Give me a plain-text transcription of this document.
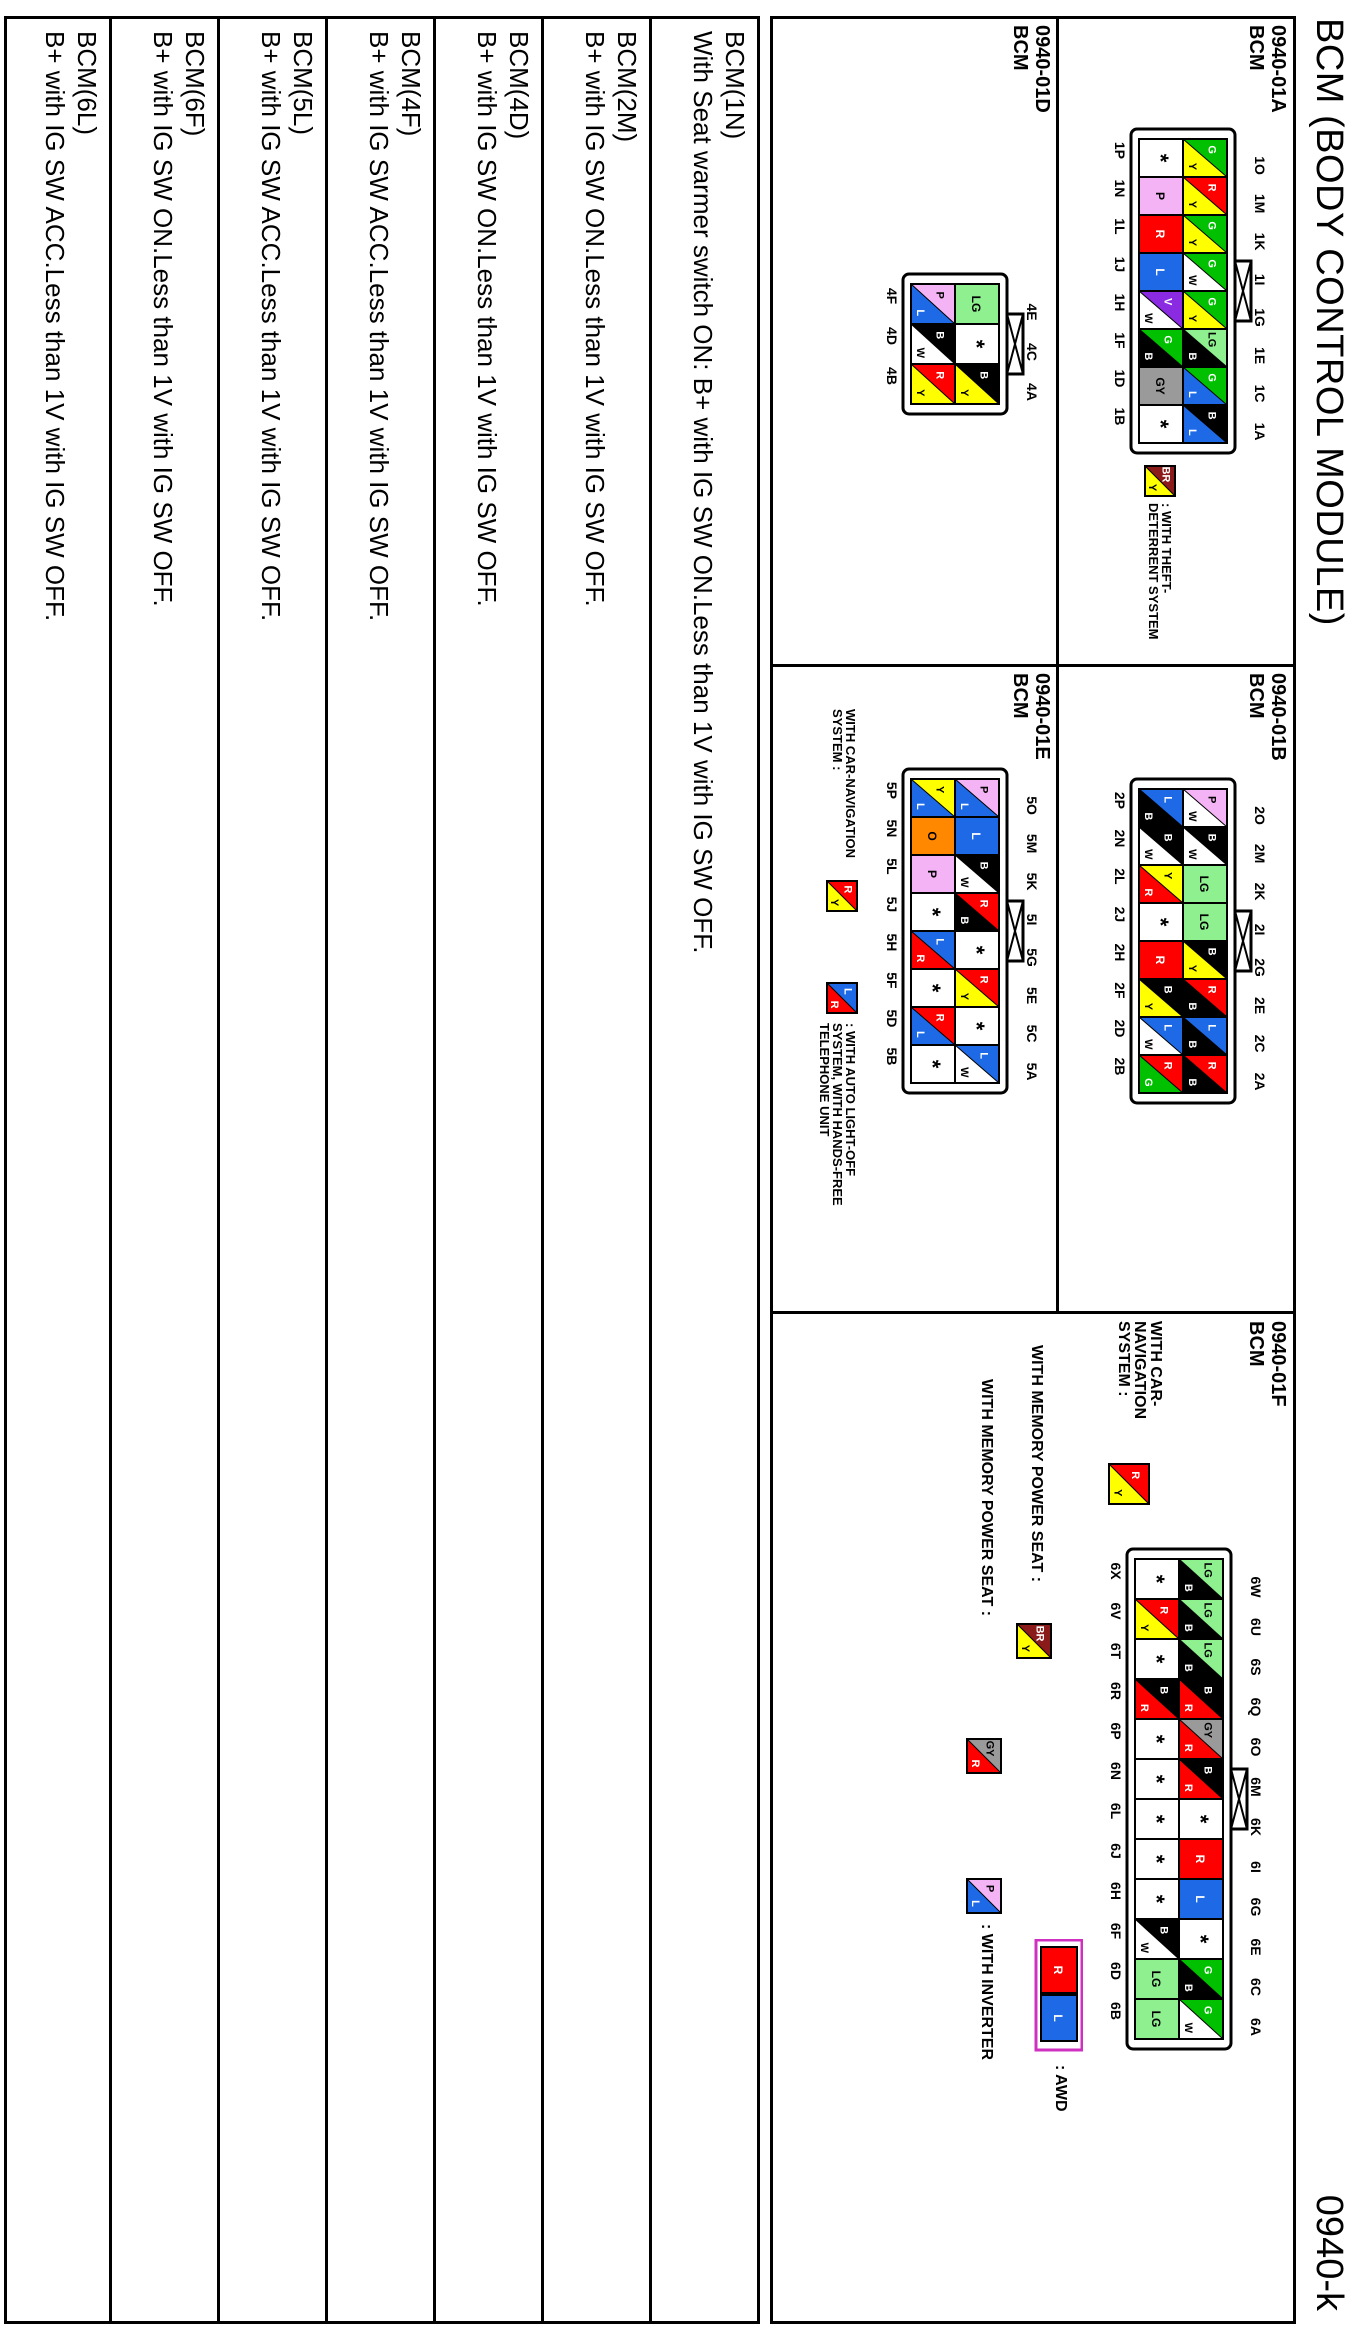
BCM (BODY CONTROL MODULE)
0940-k
0940-01A
BCM
G
Y
*
R
Y
P
G
Y
R
G
W
L
G
Y
V
W
LG
B
G
B
G
L
GY
B
L
*
1O
1M
1K
1I
1G
1E
1C
1A
1P
1N
1L
1J
1H
1F
1D
1B
BR
Y
: WITH THEFT-
DETERRENT SYSTEM
0940-01D
BCM
LG
P
L
*
B
W
B
Y
R
Y
4E
4C
4A
4F
4D
4B
0940-01B
BCM
P
W
L
B
B
W
B
W
LG
Y
R
LG
*
B
Y
R
R
B
B
Y
L
B
L
W
R
B
R
G
2O
2M
2K
2I
2G
2E
2C
2A
2P
2N
2L
2J
2H
2F
2D
2B
0940-01E
BCM
P
L
Y
L
L
O
B
W
P
R
B
*
*
L
R
R
Y
*
*
R
L
L
W
*
5O
5M
5K
5I
5G
5E
5C
5A
5P
5N
5L
5J
5H
5F
5D
5B
WITH CAR-NAVIGATION
SYSTEM :
R
Y
L
R
: WITH AUTO LIGHT-OFF
SYSTEM, WITH HANDS-FREE
TELEPHONE UNIT
0940-01F
BCM
WITH CAR-
NAVIGATION
SYSTEM :
R
Y
LG
B
*
LG
B
R
Y
LG
B
*
B
R
B
R
GY
R
*
B
R
*
*
*
R
*
L
*
*
B
W
G
B
LG
G
W
LG
6W
6U
6S
6Q
6O
6M
6K
6I
6G
6E
6C
6A
6X
6V
6T
6R
6P
6N
6L
6J
6H
6F
6D
6B
WITH MEMORY POWER SEAT :
BR
Y
WITH MEMORY POWER SEAT :
GY
R
P
L
: WITH INVERTER	R
L
: AWD
BCM(1N)
With Seat warmer switch ON: B+ with IG SW ON.Less than 1V with IG SW OFF.
BCM(2M)
B+ with IG SW ON.Less than 1V with IG SW OFF.
BCM(4D)
B+ with IG SW ON.Less than 1V with IG SW OFF.
BCM(4F)
B+ with IG SW ACC.Less than 1V with IG SW OFF.
BCM(5L)
B+ with IG SW ACC.Less than 1V with IG SW OFF.
BCM(6F)
B+ with IG SW ON.Less than 1V with IG SW OFF.
BCM(6L)
B+ with IG SW ACC.Less than 1V with IG SW OFF.
